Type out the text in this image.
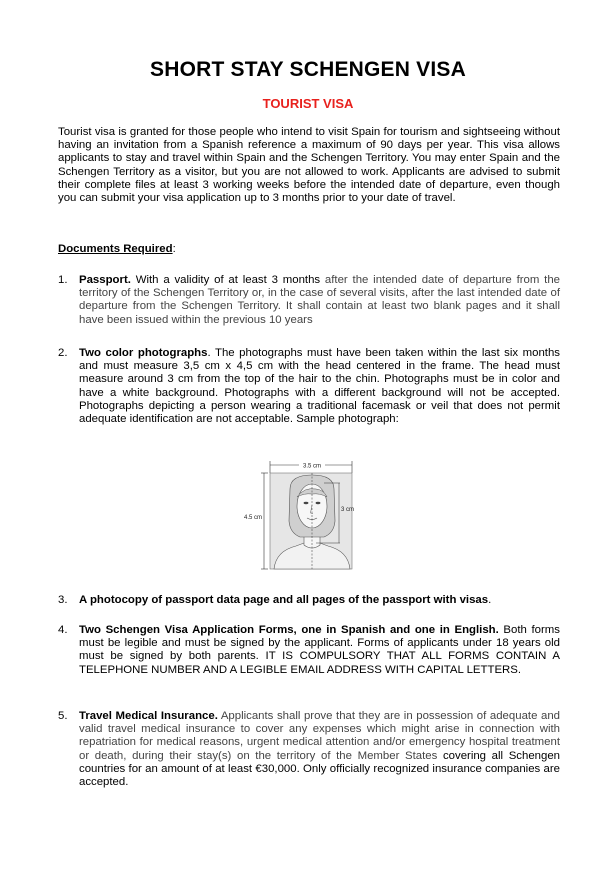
SHORT STAY SCHENGEN VISA
TOURIST VISA
Tourist visa is granted for those people who intend to visit Spain for tourism and sightseeing without having an invitation from a Spanish reference a maximum of 90 days per year. This visa allows applicants to stay and travel within Spain and the Schengen Territory. You may enter Spain and the Schengen Territory as a visitor, but you are not allowed to work. Applicants are advised to submit their complete files at least 3 working weeks before the intended date of departure, even though you can submit your visa application up to 3 months prior to your date of travel.
Documents Required:
1.	Passport. With a validity of at least 3 months after the intended date of departure from the territory of the Schengen Territory or, in the case of several visits, after the last intended date of departure from the Schengen Territory. It shall contain at least two blank pages and it shall have been issued within the previous 10 years
2.	Two color photographs. The photographs must have been taken within the last six months and must measure 3,5 cm x 4,5 cm with the head centered in the frame. The head must measure around 3 cm from the top of the hair to the chin. Photographs must be in color and have a white background. Photographs with a different background will not be accepted. Photographs depicting a person wearing a traditional facemask or veil that does not permit adequate identification are not acceptable. Sample photograph:
3.5 cm
4.5 cm
3 cm
3.	A photocopy of passport data page and all pages of the passport with visas.
4.	Two Schengen Visa Application Forms, one in Spanish and one in English. Both forms must be legible and must be signed by the applicant. Forms of applicants under 18 years old must be signed by both parents. IT IS COMPULSORY THAT ALL FORMS CONTAIN A TELEPHONE NUMBER AND A LEGIBLE EMAIL ADDRESS WITH CAPITAL LETTERS.
5.	Travel Medical Insurance. Applicants shall prove that they are in possession of adequate and valid travel medical insurance to cover any expenses which might arise in connection with repatriation for medical reasons, urgent medical attention and/or emergency hospital treatment or death, during their stay(s) on the territory of the Member States covering all Schengen countries for an amount of at least €30,000. Only officially recognized insurance companies are accepted.
